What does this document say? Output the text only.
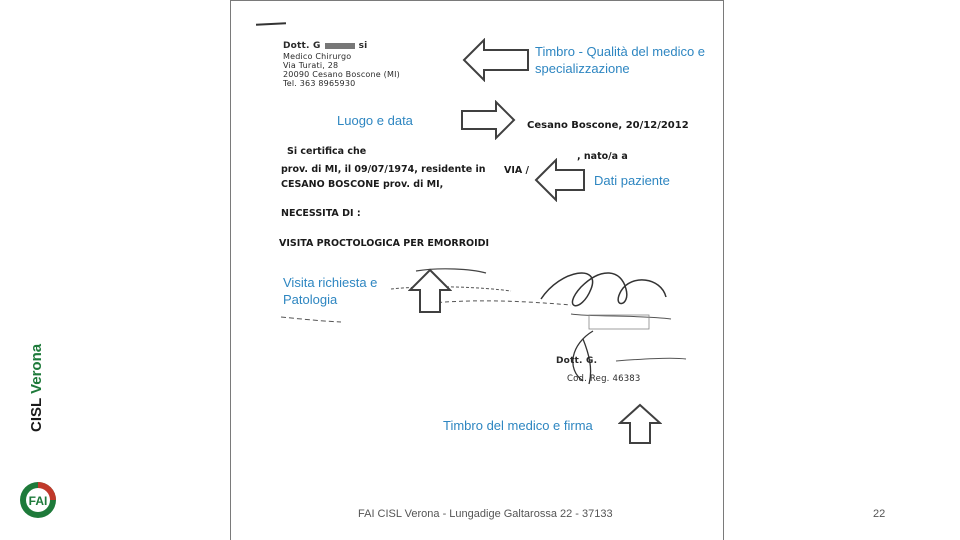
Dott. G	si
Medico Chirurgo
Via Turati, 28
20090 Cesano Boscone (MI)
Tel. 363 8965930
Cesano Boscone, 20/12/2012
Si certifica che	, nato/a a
prov. di MI, il 09/07/1974, residente in VIA /
CESANO BOSCONE prov. di MI,
NECESSITA DI :
VISITA PROCTOLOGICA PER EMORROIDI
Dott. G.
Cod. Reg. 46383
Timbro - Qualità del medico e specializzazione
Luogo e data
Dati paziente
Visita richiesta e Patologia
Timbro del medico e firma
CISL Verona
FAI
FAI CISL Verona - Lungadige Galtarossa 22 - 37133	22
